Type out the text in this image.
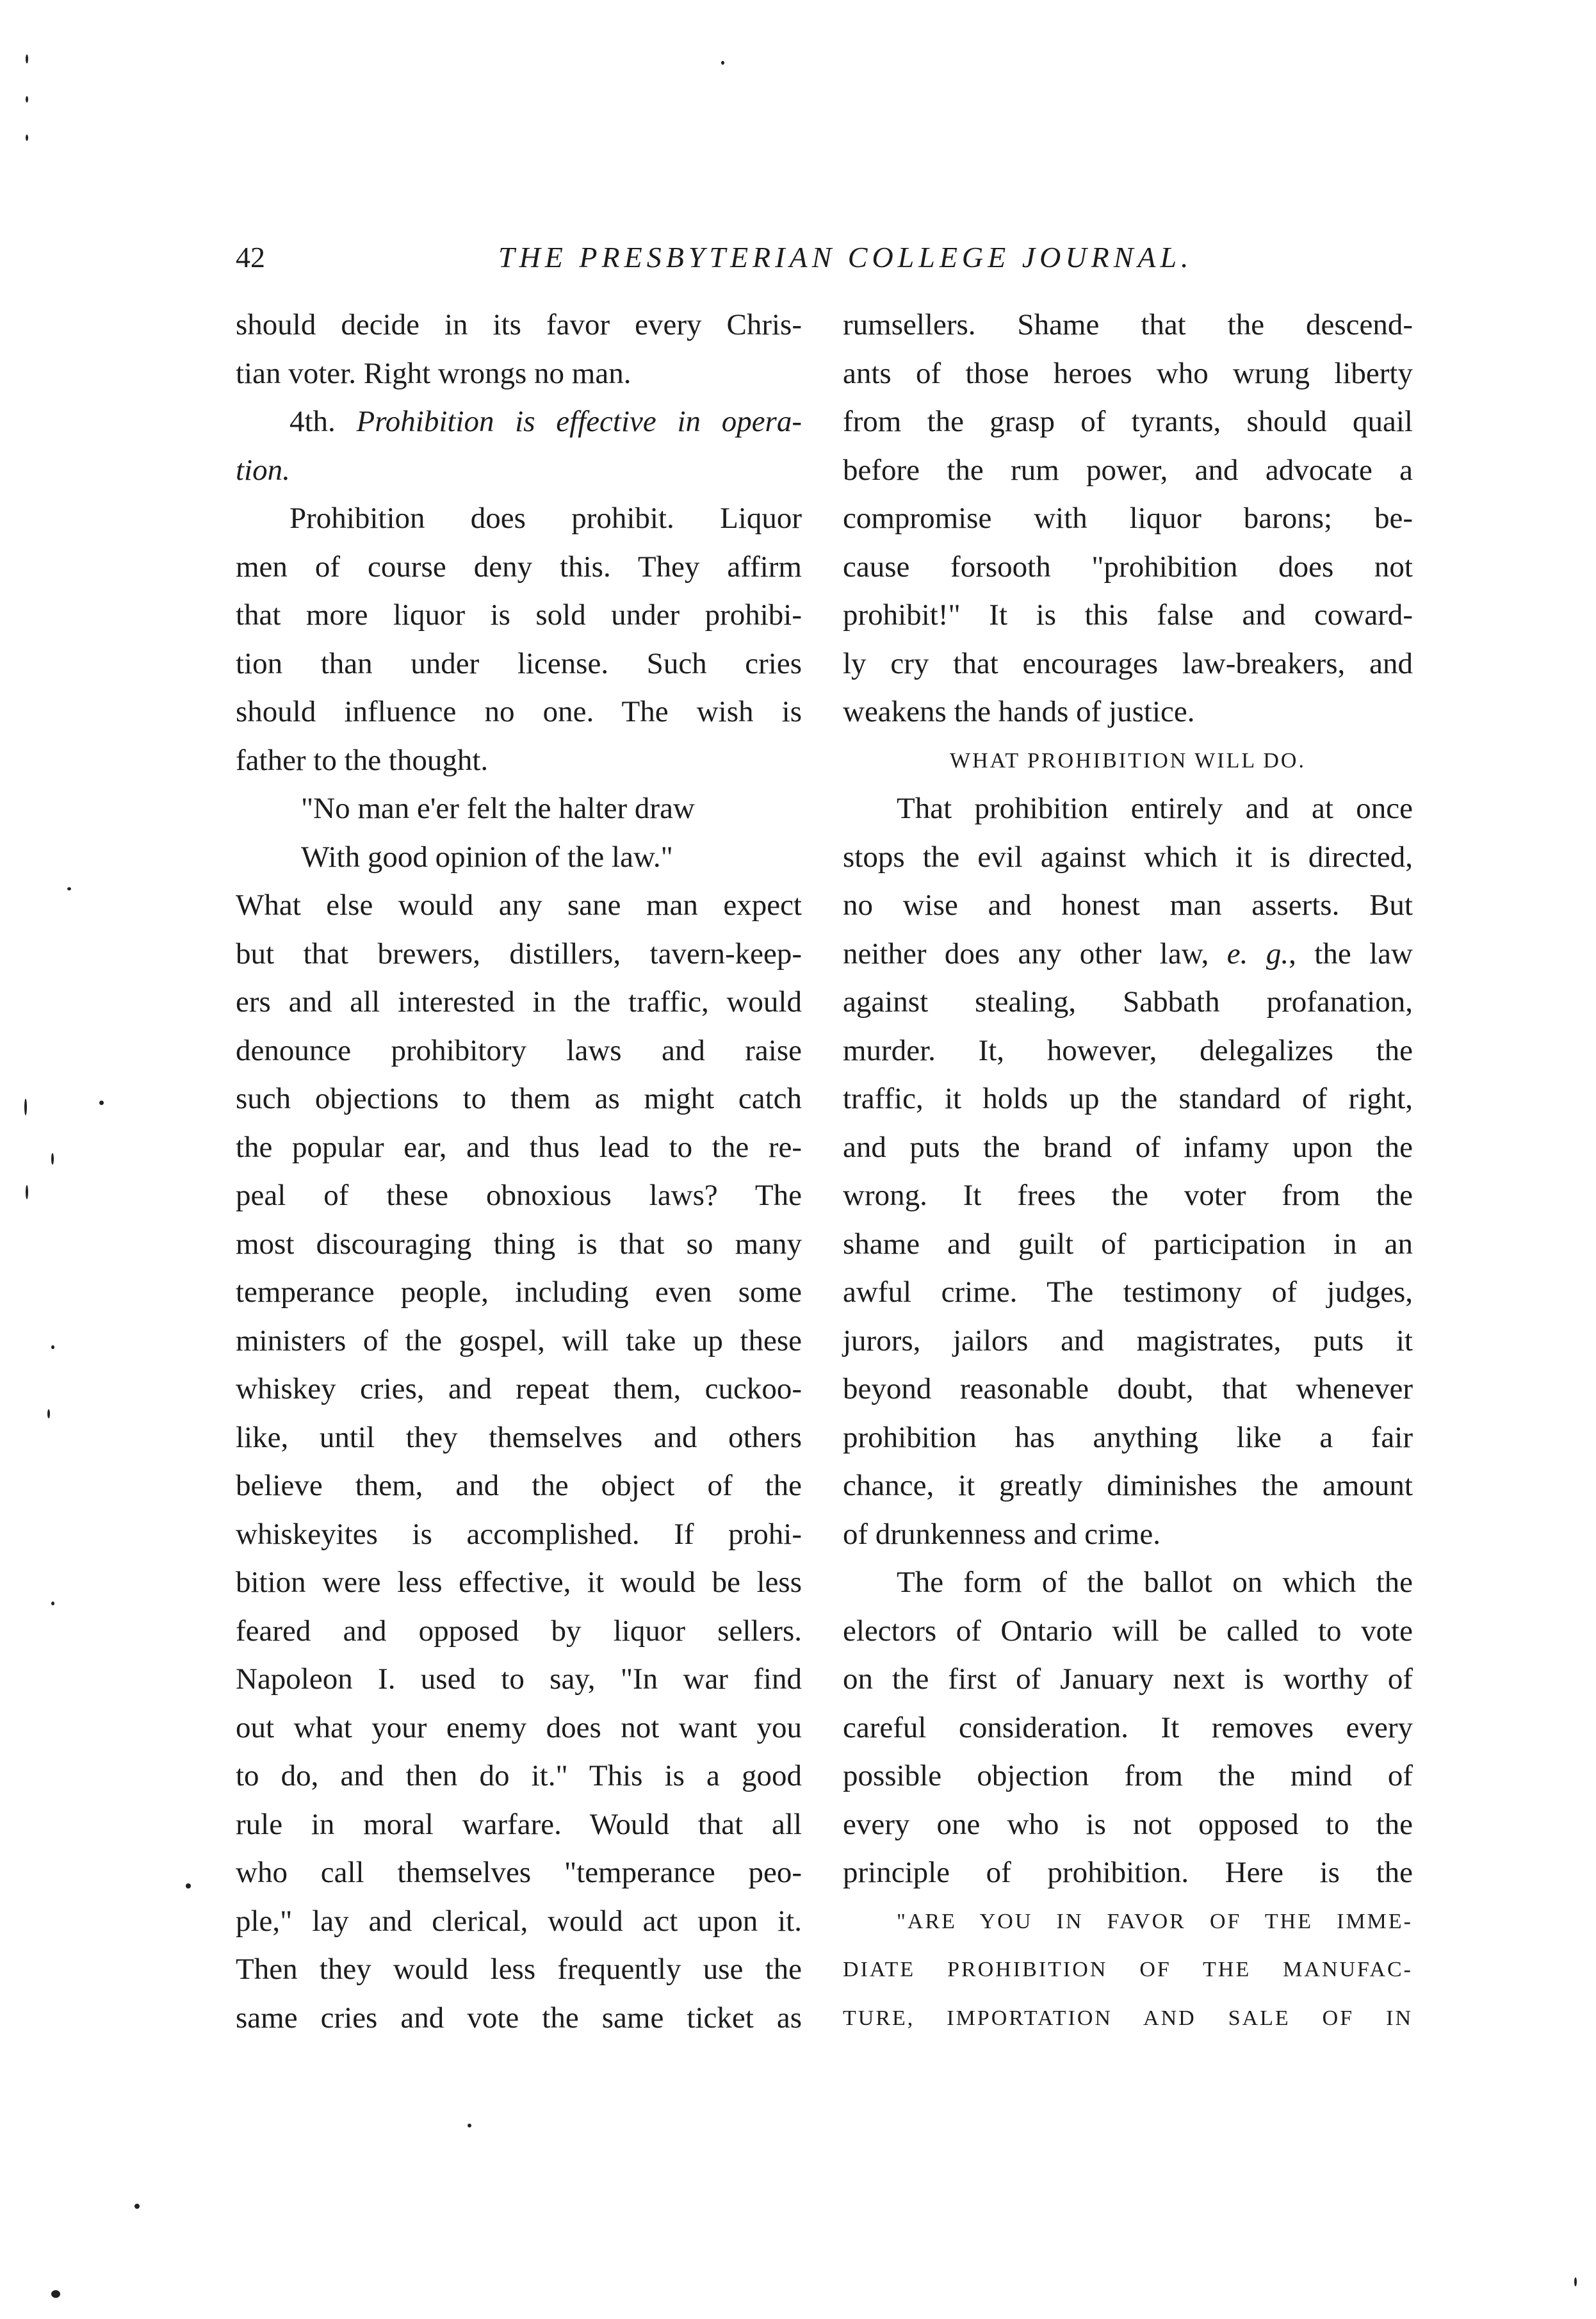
42	THE PRESBYTERIAN COLLEGE JOURNAL.
should decide in its favor every Chris-
tian voter. Right wrongs no man.
4th. Prohibition is effective in opera-
tion.
Prohibition does prohibit. Liquor
men of course deny this. They affirm
that more liquor is sold under prohibi-
tion than under license. Such cries
should influence no one. The wish is
father to the thought.
"No man e'er felt the halter draw
With good opinion of the law."
What else would any sane man expect
but that brewers, distillers, tavern-keep-
ers and all interested in the traffic, would
denounce prohibitory laws and raise
such objections to them as might catch
the popular ear, and thus lead to the re-
peal of these obnoxious laws? The
most discouraging thing is that so many
temperance people, including even some
ministers of the gospel, will take up these
whiskey cries, and repeat them, cuckoo-
like, until they themselves and others
believe them, and the object of the
whiskeyites is accomplished. If prohi-
bition were less effective, it would be less
feared and opposed by liquor sellers.
Napoleon I. used to say, "In war find
out what your enemy does not want you
to do, and then do it." This is a good
rule in moral warfare. Would that all
who call themselves "temperance peo-
ple," lay and clerical, would act upon it.
Then they would less frequently use the
same cries and vote the same ticket as
rumsellers. Shame that the descend-
ants of those heroes who wrung liberty
from the grasp of tyrants, should quail
before the rum power, and advocate a
compromise with liquor barons; be-
cause forsooth "prohibition does not
prohibit!" It is this false and coward-
ly cry that encourages law-breakers, and
weakens the hands of justice.
WHAT PROHIBITION WILL DO.
That prohibition entirely and at once
stops the evil against which it is directed,
no wise and honest man asserts. But
neither does any other law, e. g., the law
against stealing, Sabbath profanation,
murder. It, however, delegalizes the
traffic, it holds up the standard of right,
and puts the brand of infamy upon the
wrong. It frees the voter from the
shame and guilt of participation in an
awful crime. The testimony of judges,
jurors, jailors and magistrates, puts it
beyond reasonable doubt, that whenever
prohibition has anything like a fair
chance, it greatly diminishes the amount
of drunkenness and crime.
The form of the ballot on which the
electors of Ontario will be called to vote
on the first of January next is worthy of
careful consideration. It removes every
possible objection from the mind of
every one who is not opposed to the
principle of prohibition. Here is the
"ARE YOU IN FAVOR OF THE IMME-
DIATE PROHIBITION OF THE MANUFAC-
TURE, IMPORTATION AND SALE OF IN
